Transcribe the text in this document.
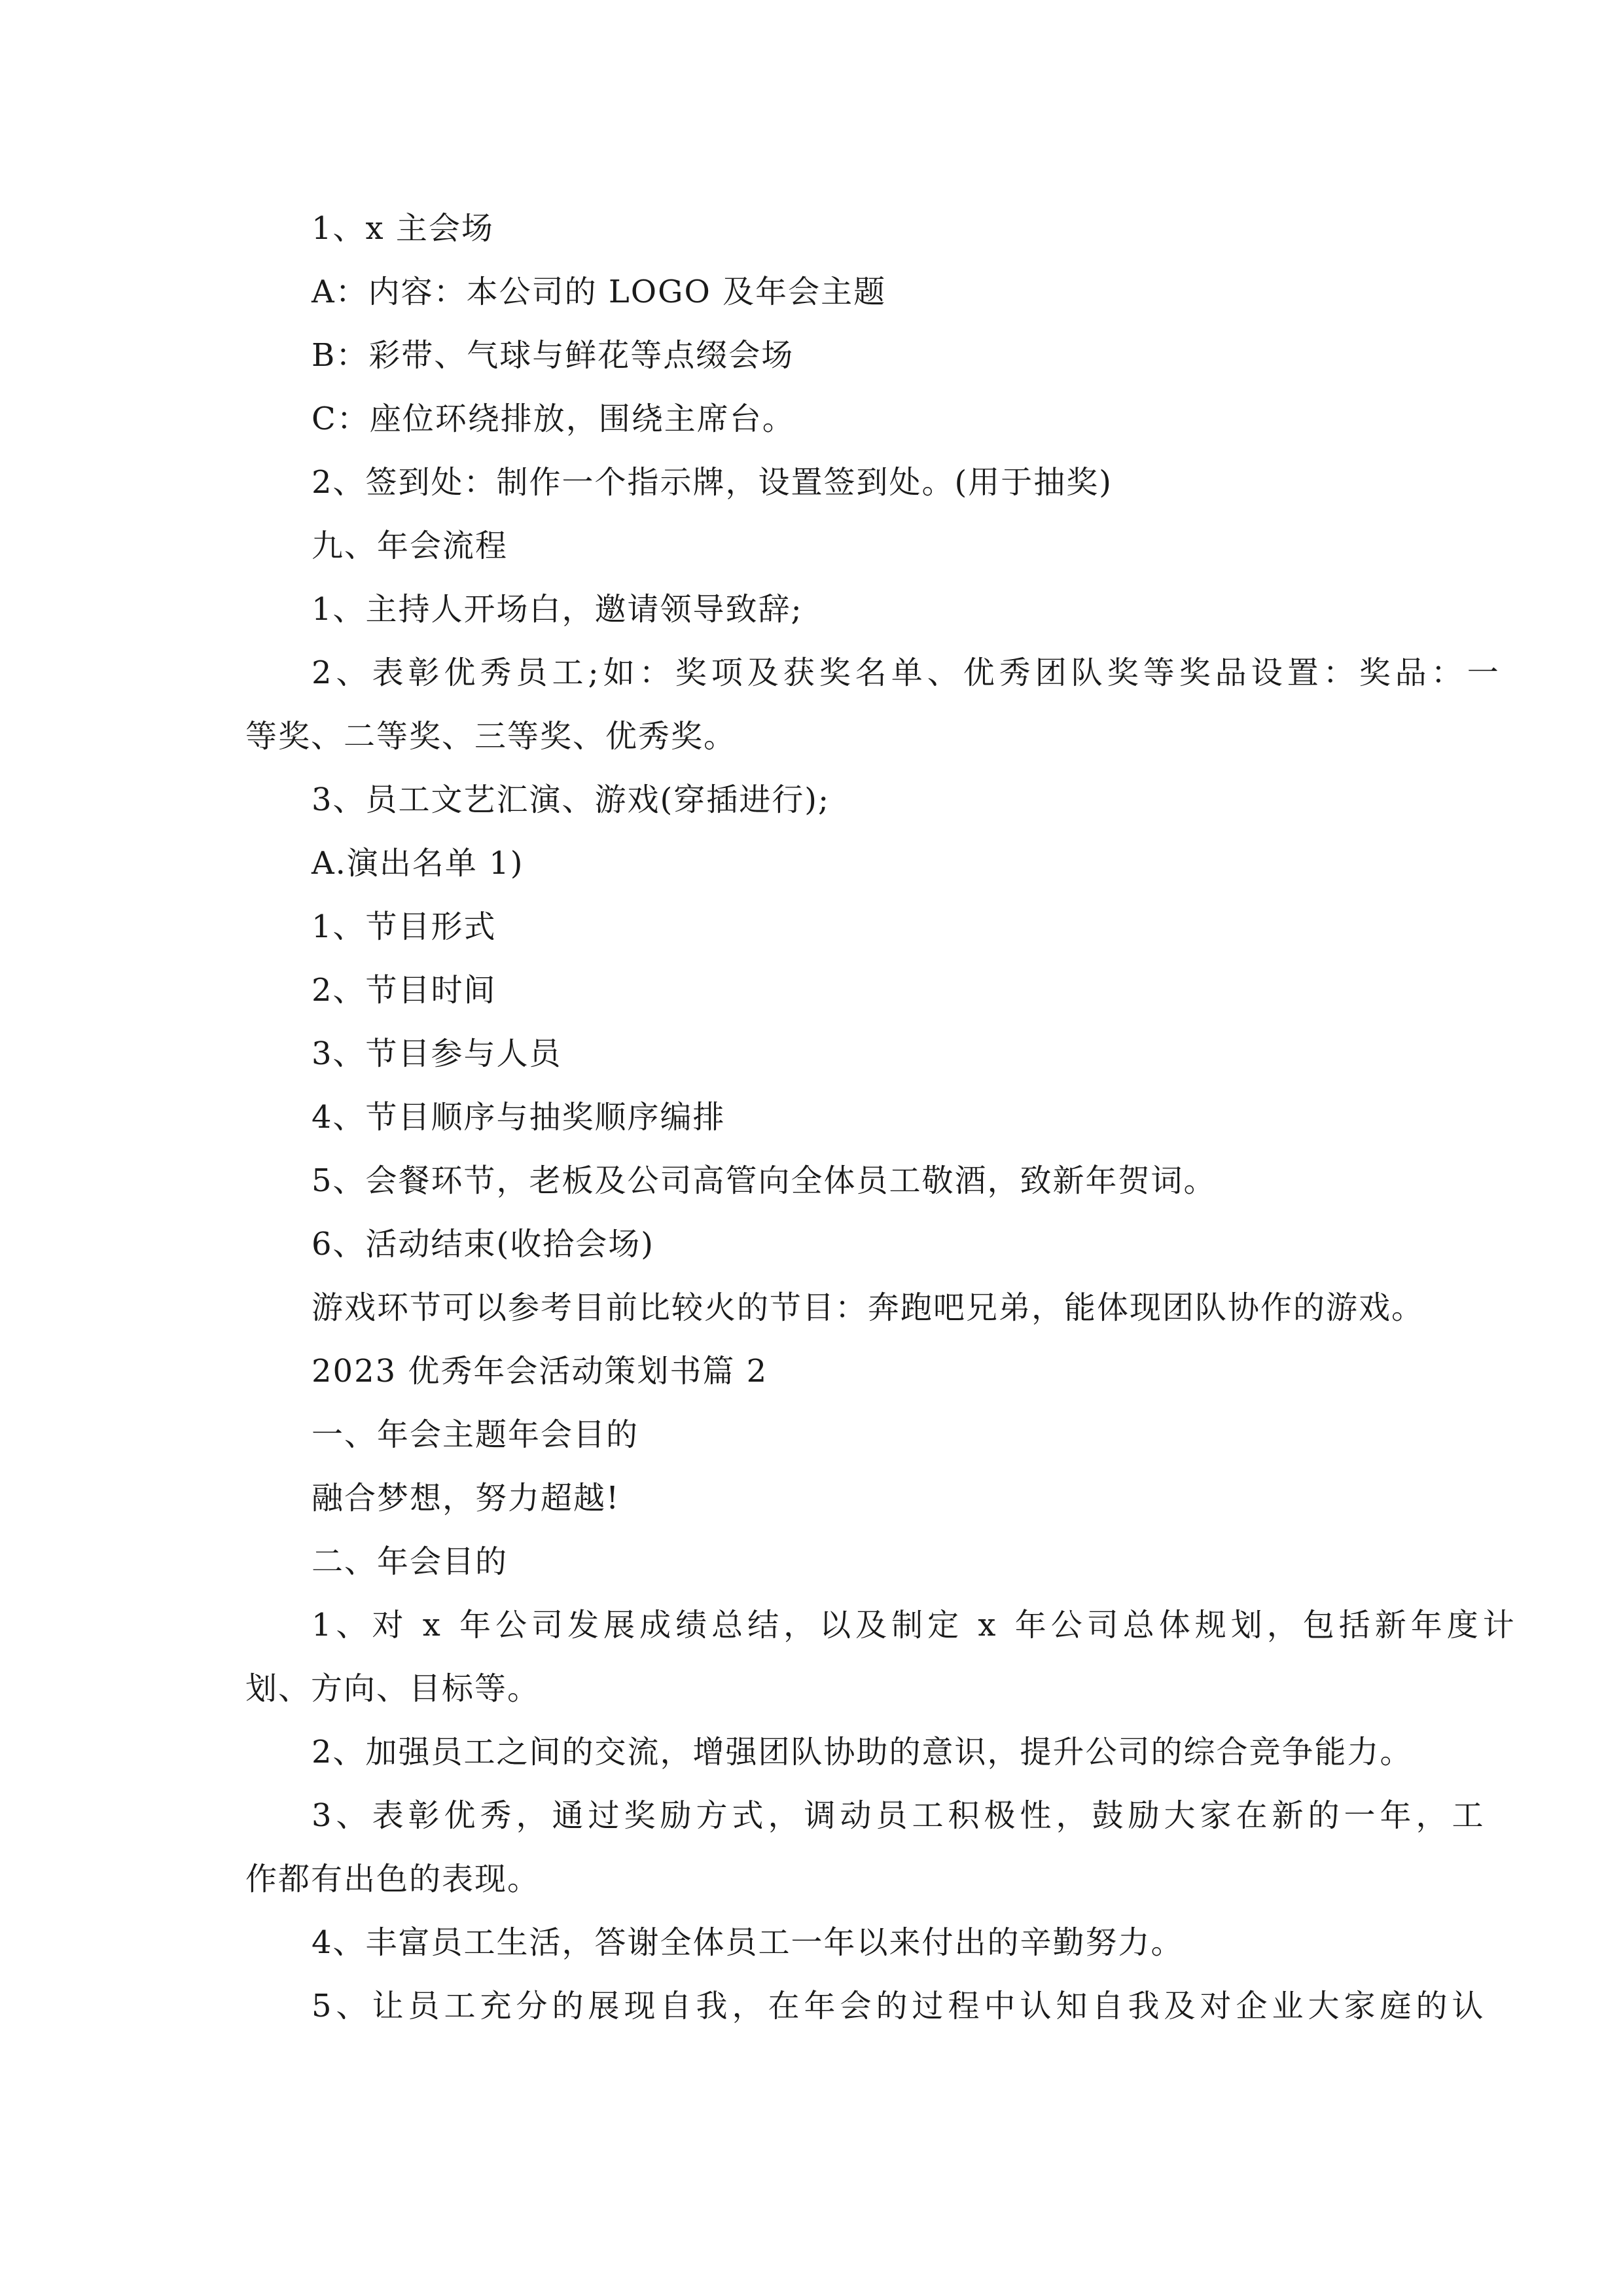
1、x 主会场
A：内容：本公司的 LOGO 及年会主题
B：彩带、气球与鲜花等点缀会场
C：座位环绕排放，围绕主席台。
2、签到处：制作一个指示牌，设置签到处。(用于抽奖)
九、年会流程
1、主持人开场白，邀请领导致辞;
2、表彰优秀员工;如：奖项及获奖名单、优秀团队奖等奖品设置：奖品：一
等奖、二等奖、三等奖、优秀奖。
3、员工文艺汇演、游戏(穿插进行);
A.演出名单 1)
1、节目形式
2、节目时间
3、节目参与人员
4、节目顺序与抽奖顺序编排
5、会餐环节，老板及公司高管向全体员工敬酒，致新年贺词。
6、活动结束(收拾会场)
游戏环节可以参考目前比较火的节目：奔跑吧兄弟，能体现团队协作的游戏。
2023 优秀年会活动策划书篇 2
一、年会主题年会目的
融合梦想，努力超越!
二、年会目的
1、对 x 年公司发展成绩总结，以及制定 x 年公司总体规划，包括新年度计
划、方向、目标等。
2、加强员工之间的交流，增强团队协助的意识，提升公司的综合竞争能力。
3、表彰优秀，通过奖励方式，调动员工积极性，鼓励大家在新的一年，工
作都有出色的表现。
4、丰富员工生活，答谢全体员工一年以来付出的辛勤努力。
5、让员工充分的展现自我，在年会的过程中认知自我及对企业大家庭的认
